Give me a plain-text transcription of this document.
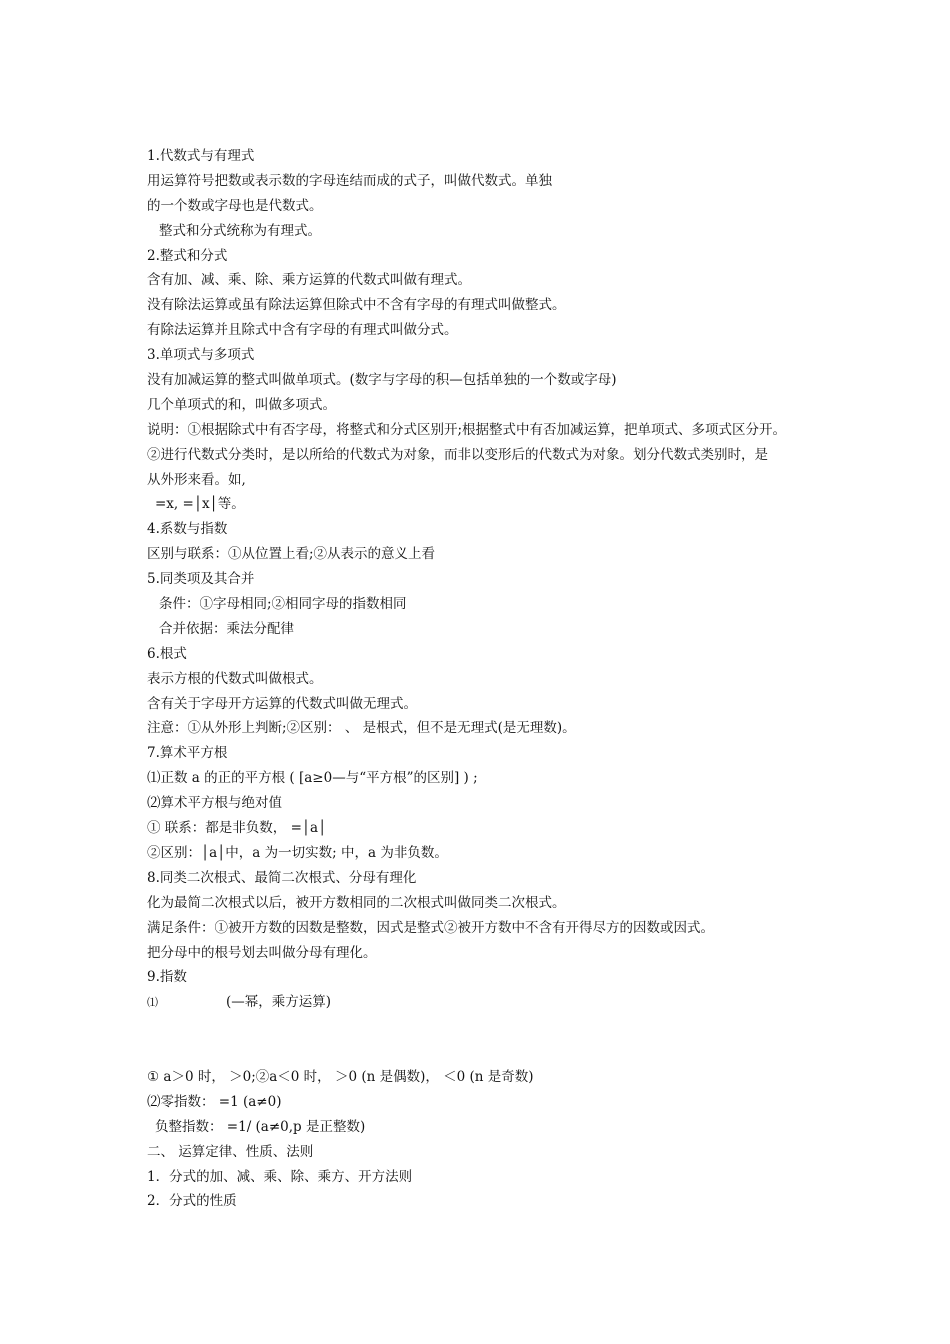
1.代数式与有理式
用运算符号把数或表示数的字母连结而成的式子，叫做代数式。单独
的一个数或字母也是代数式。
整式和分式统称为有理式。
2.整式和分式
含有加、减、乘、除、乘方运算的代数式叫做有理式。
没有除法运算或虽有除法运算但除式中不含有字母的有理式叫做整式。
有除法运算并且除式中含有字母的有理式叫做分式。
3.单项式与多项式
没有加减运算的整式叫做单项式。(数字与字母的积—包括单独的一个数或字母)
几个单项式的和，叫做多项式。
说明：①根据除式中有否字母，将整式和分式区别开;根据整式中有否加减运算，把单项式、多项式区分开。
②进行代数式分类时，是以所给的代数式为对象，而非以变形后的代数式为对象。划分代数式类别时，是
从外形来看。如,
=x, =│x│等。
4.系数与指数
区别与联系：①从位置上看;②从表示的意义上看
5.同类项及其合并
条件：①字母相同;②相同字母的指数相同
合并依据：乘法分配律
6.根式
表示方根的代数式叫做根式。
含有关于字母开方运算的代数式叫做无理式。
注意：①从外形上判断;②区别： 、 是根式，但不是无理式(是无理数)。
7.算术平方根
⑴正数 a 的正的平方根 ( [a≥0—与“平方根”的区别] ) ;
⑵算术平方根与绝对值
① 联系：都是非负数， =│a│
②区别：│a│中，a 为一切实数; 中，a 为非负数。
8.同类二次根式、最简二次根式、分母有理化
化为最简二次根式以后，被开方数相同的二次根式叫做同类二次根式。
满足条件：①被开方数的因数是整数，因式是整式②被开方数中不含有开得尽方的因数或因式。
把分母中的根号划去叫做分母有理化。
9.指数
⑴	(—幂，乘方运算)
① a＞0 时， ＞0;②a＜0 时， ＞0 (n 是偶数)， ＜0 (n 是奇数)
⑵零指数： =1 (a≠0)
负整指数： =1/ (a≠0,p 是正整数)
二、 运算定律、性质、法则
1．分式的加、减、乘、除、乘方、开方法则
2．分式的性质
